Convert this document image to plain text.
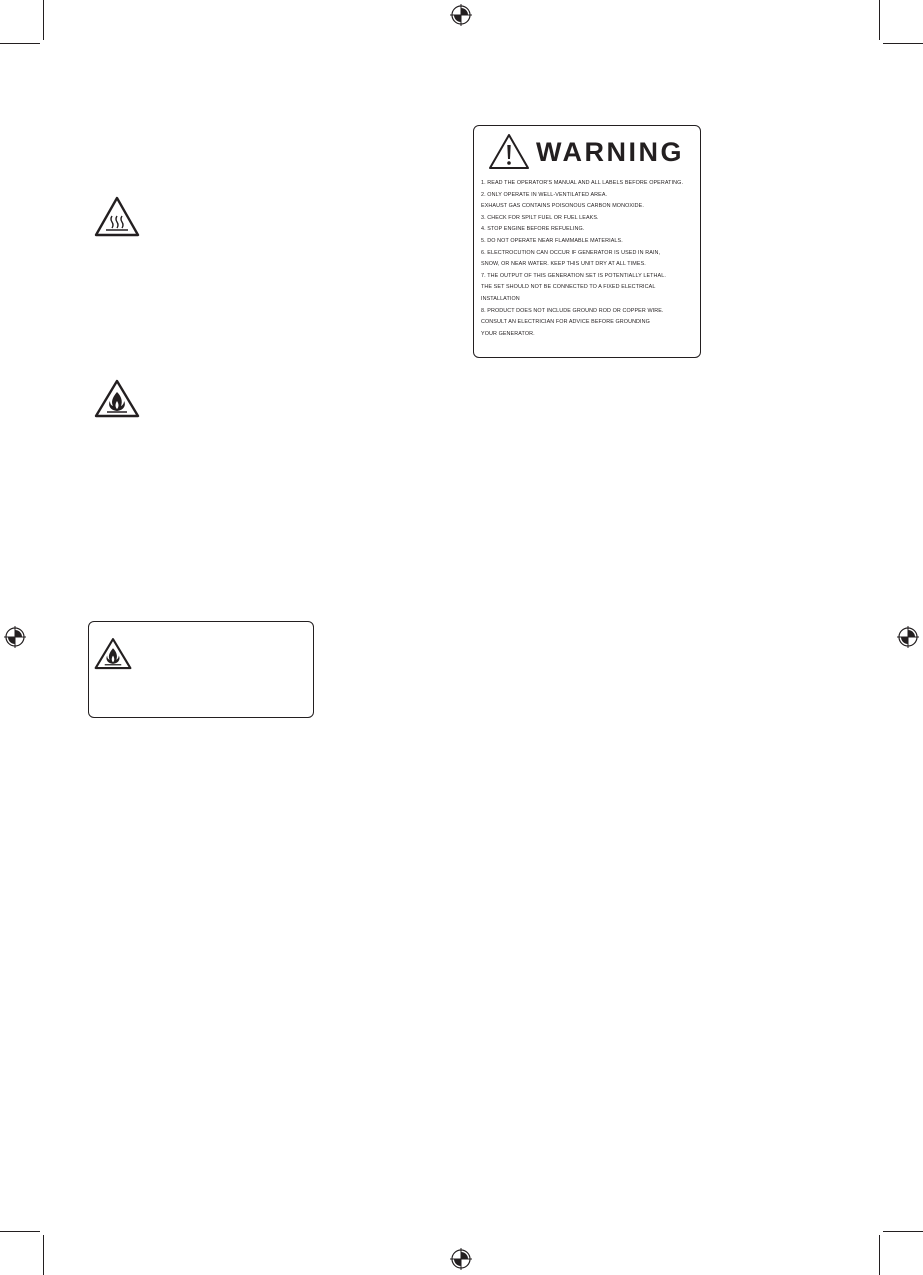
WARNING
1. READ THE OPERATOR'S MANUAL AND ALL LABELS BEFORE OPERATING.
2. ONLY OPERATE IN WELL-VENTILATED AREA.
EXHAUST GAS CONTAINS POISONOUS CARBON MONOXIDE.
3. CHECK FOR SPILT FUEL OR FUEL LEAKS.
4. STOP ENGINE BEFORE REFUELING.
5. DO NOT OPERATE NEAR FLAMMABLE MATERIALS.
6. ELECTROCUTION CAN OCCUR IF GENERATOR IS USED IN RAIN,
SNOW, OR NEAR WATER. KEEP THIS UNIT DRY AT ALL TIMES.
7. THE OUTPUT OF THIS GENERATION SET IS POTENTIALLY LETHAL.
THE SET SHOULD NOT BE CONNECTED TO A FIXED ELECTRICAL
INSTALLATION
8. PRODUCT DOES NOT INCLUDE GROUND ROD OR COPPER WIRE.
CONSULT AN ELECTRICIAN FOR ADVICE BEFORE GROUNDING
YOUR GENERATOR.
